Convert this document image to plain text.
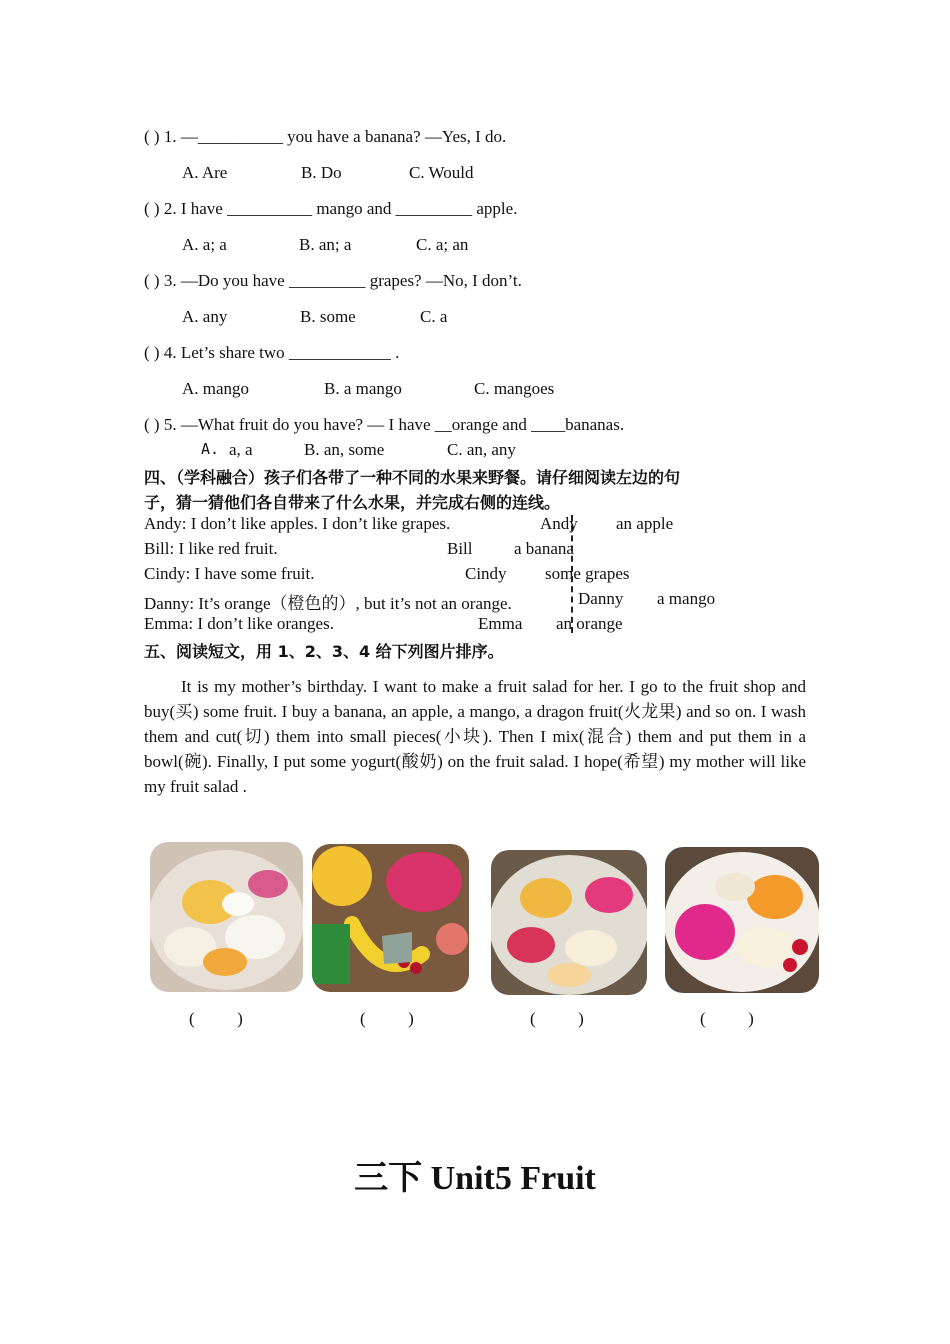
( ) 1. —__________ you have a banana? —Yes, I do.
A. Are	B. Do	C. Would
( ) 2. I have __________ mango and _________ apple.
A. a; a	B. an; a	C. a; an
( ) 3. —Do you have _________ grapes? —No, I don’t.
A. any	B. some	C. a
( ) 4. Let’s share two ____________ .
A. mango	B. a mango	C. mangoes
( ) 5. —What fruit do you have? — I have __orange and ____bananas.
A. a, a	B. an, some	C. an, any
四、（学科融合）孩子们各带了一种不同的水果来野餐。请仔细阅读左边的句
子，猜一猜他们各自带来了什么水果，并完成右侧的连线。
Andy: I don’t like apples. I don’t like grapes.
Bill: I like red fruit.
Cindy: I have some fruit.
Danny: It’s orange（橙色的）, but it’s not an orange.
Emma: I don’t like oranges.
Andy
Bill
Cindy
Danny
Emma
an apple
a banana
some grapes
a mango
an orange
五、阅读短文，用 1、2、3、4 给下列图片排序。
It is my mother’s birthday. I want to make a fruit salad for her. I go to the fruit shop and buy(买) some fruit. I buy a banana, an apple, a mango, a dragon fruit(火龙果) and so on. I wash them and cut(切) them into small pieces(小块). Then I mix(混合) them and put them in a bowl(碗). Finally, I put some yogurt(酸奶) on the fruit salad. I hope(希望) my mother will like my fruit salad .
(          )	(          )	(          )	(          )
三下 Unit5 Fruit
